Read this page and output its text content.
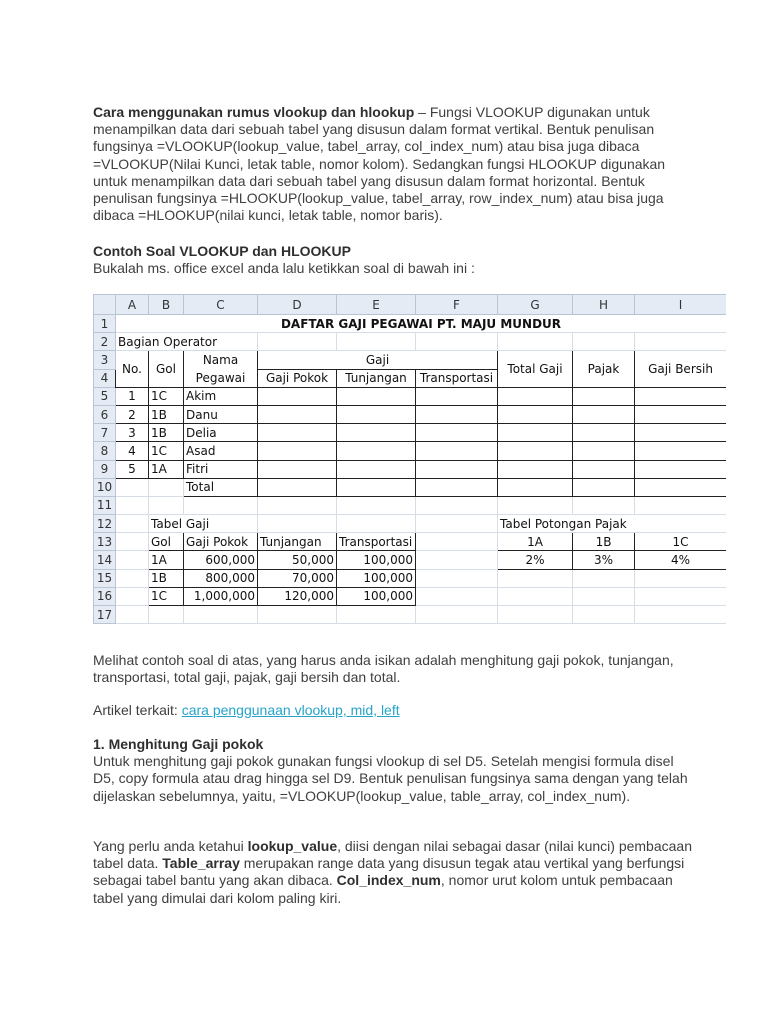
Cara menggunakan rumus vlookup dan hlookup – Fungsi VLOOKUP digunakan untuk menampilkan data dari sebuah tabel yang disusun dalam format vertikal. Bentuk penulisan fungsinya =VLOOKUP(lookup_value, tabel_array, col_index_num) atau bisa juga dibaca =VLOOKUP(Nilai Kunci, letak table, nomor kolom). Sedangkan fungsi HLOOKUP digunakan untuk menampilkan data dari sebuah tabel yang disusun dalam format horizontal. Bentuk penulisan fungsinya =HLOOKUP(lookup_value, tabel_array, row_index_num) atau bisa juga dibaca =HLOOKUP(nilai kunci, letak table, nomor baris).
Contoh Soal VLOOKUP dan HLOOKUP
Bukalah ms. office excel anda lalu ketikkan soal di bawah ini :
	A	B	C	D	E	F	G	H	I
1	DAFTAR GAJI PEGAWAI PT. MAJU MUNDUR								
2	Bagian Operator								
3	No.	Gol	Nama	Gaji			Total Gaji	Pajak	Gaji Bersih
4			Pegawai	Gaji Pokok	Tunjangan	Transportasi			
5	1	1C	Akim						
6	2	1B	Danu						
7	3	1B	Delia						
8	4	1C	Asad						
9	5	1A	Fitri						
10			Total						
11									
12		Tabel Gaji					Tabel Potongan Pajak		
13		Gol	Gaji Pokok	Tunjangan	Transportasi		1A	1B	1C
14		1A	600,000	50,000	100,000		2%	3%	4%
15		1B	800,000	70,000	100,000				
16		1C	1,000,000	120,000	100,000				
17									
Melihat contoh soal di atas, yang harus anda isikan adalah menghitung gaji pokok, tunjangan, transportasi, total gaji, pajak, gaji bersih dan total.
Artikel terkait: cara penggunaan vlookup, mid, left
1. Menghitung Gaji pokok
Untuk menghitung gaji pokok gunakan fungsi vlookup di sel D5. Setelah mengisi formula disel D5, copy formula atau drag hingga sel D9. Bentuk penulisan fungsinya sama dengan yang telah dijelaskan sebelumnya, yaitu, =VLOOKUP(lookup_value, table_array, col_index_num).
Yang perlu anda ketahui lookup_value, diisi dengan nilai sebagai dasar (nilai kunci) pembacaan tabel data. Table_array merupakan range data yang disusun tegak atau vertikal yang berfungsi sebagai tabel bantu yang akan dibaca. Col_index_num, nomor urut kolom untuk pembacaan tabel yang dimulai dari kolom paling kiri.
